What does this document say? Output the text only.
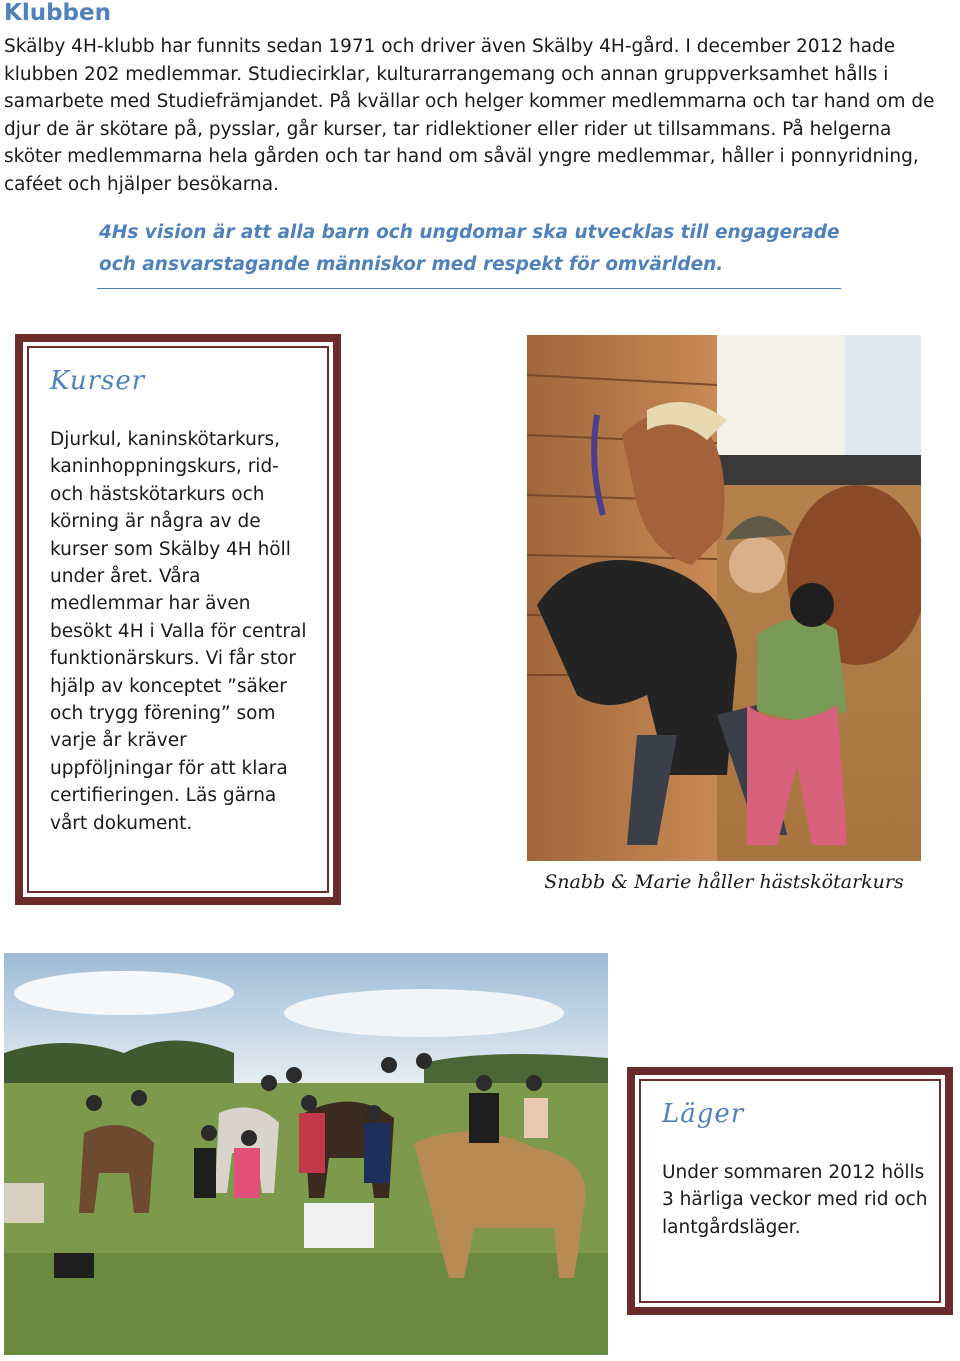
Klubben

Skälby 4H-klubb har funnits sedan 1971 och driver även Skälby 4H-gård. I december 2012 hade klubben 202 medlemmar. Studiecirklar, kulturarrangemang och annan gruppverksamhet hålls i samarbete med Studiefrämjandet. På kvällar och helger kommer medlemmarna och tar hand om de djur de är skötare på, pysslar, går kurser, tar ridlektioner eller rider ut tillsammans. På helgerna sköter medlemmarna hela gården och tar hand om såväl yngre medlemmar, håller i ponnyridning, caféet och hjälper besökarna.

4Hs vision är att alla barn och ungdomar ska utvecklas till engagerade och ansvarstagande människor med respekt för omvärlden.

Kurser

Djurkul, kaninskötarkurs, kaninhoppningskurs, rid- och hästskötarkurs och körning är några av de kurser som Skälby 4H höll under året. Våra medlemmar har även besökt 4H i Valla för central funktionärskurs. Vi får stor hjälp av konceptet ”säker och trygg förening” som varje år kräver uppföljningar för att klara certifieringen. Läs gärna vårt dokument.

Snabb & Marie håller hästskötarkurs
Läger

Under sommaren 2012 hölls 3 härliga veckor med rid och lantgårdsläger.
